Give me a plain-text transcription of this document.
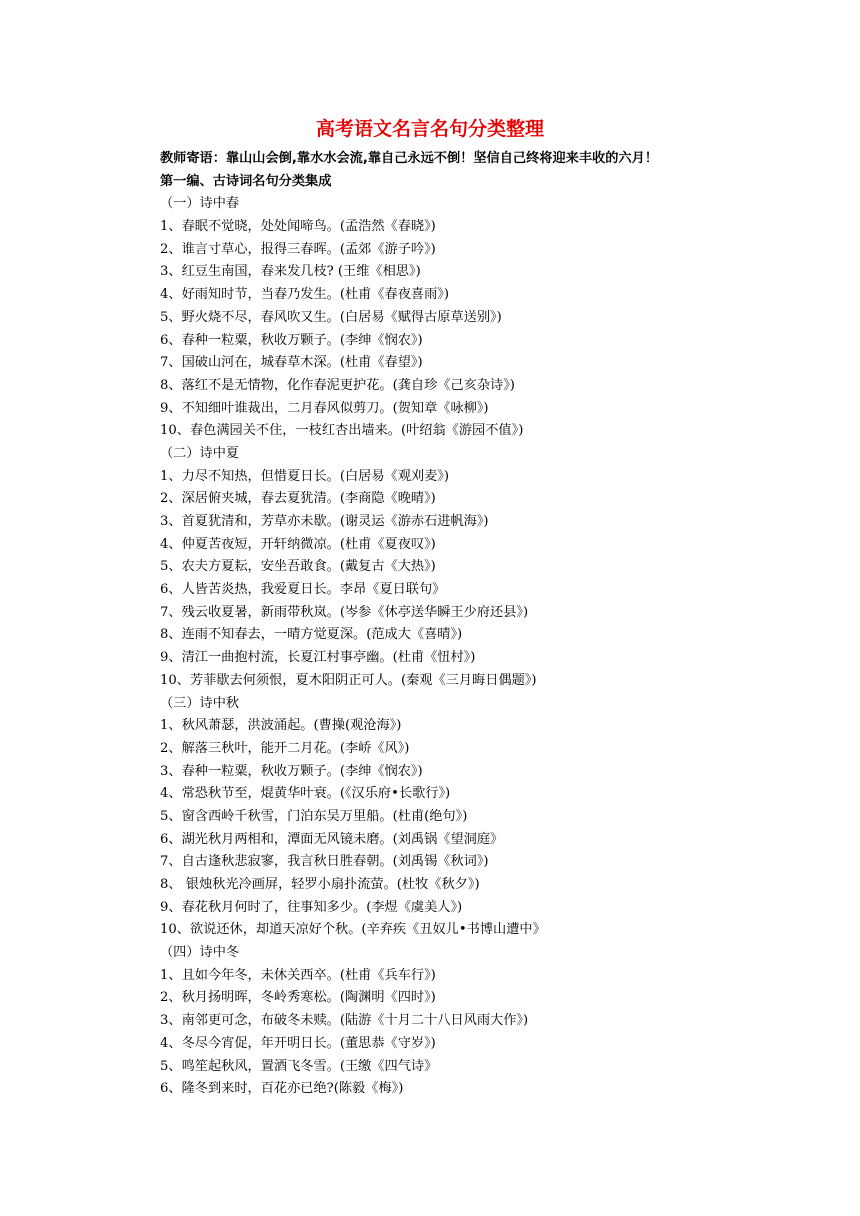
高考语文名言名句分类整理
教师寄语：靠山山会倒,靠水水会流,靠自己永远不倒！坚信自己终将迎来丰收的六月！
第一编、古诗词名句分类集成
（一）诗中春
1、春眠不觉晓，处处闻啼鸟。(孟浩然《春晓》)
2、谁言寸草心，报得三春晖。(孟郊《游子吟》)
3、红豆生南国，春来发几枝? (王维《相思》)
4、好雨知时节，当春乃发生。(杜甫《春夜喜雨》)
5、野火烧不尽，春风吹又生。(白居易《赋得古原草送别》)
6、春种一粒粟，秋收万颗子。(李绅《悯农》)
7、国破山河在，城春草木深。(杜甫《春望》)
8、落红不是无情物，化作春泥更护花。(龚自珍《己亥杂诗》)
9、不知细叶谁裁出，二月春风似剪刀。(贺知章《咏柳》)
10、春色满园关不住，一枝红杏出墙来。(叶绍翁《游园不值》)
（二）诗中夏
1、力尽不知热，但惜夏日长。(白居易《观刈麦》)
2、深居俯夹城，春去夏犹清。(李商隐《晚晴》)
3、首夏犹清和，芳草亦未歇。(谢灵运《游赤石进帆海》)
4、仲夏苦夜短，开轩纳微凉。(杜甫《夏夜叹》)
5、农夫方夏耘，安坐吾敢食。(戴复古《大热》)
6、人皆苦炎热，我爱夏日长。李昂《夏日联句》
7、残云收夏暑，新雨带秋岚。(岑参《休亭送华瞬王少府还县》)
8、连雨不知春去，一晴方觉夏深。(范成大《喜晴》)
9、清江一曲抱村流，长夏江村事亭幽。(杜甫《忸村》)
10、芳菲歇去何须恨，夏木阳阴正可人。(秦观《三月晦日偶题》)
（三）诗中秋
1、秋风萧瑟，洪波涌起。(曹操(观沧海》)
2、解落三秋叶，能开二月花。(李峤《风》)
3、春种一粒粟，秋收万颗子。(李绅《悯农》)
4、常恐秋节至，焜黄华叶衰。(《汉乐府•长歌行》)
5、窗含西岭千秋雪，门泊东吴万里船。(杜甫(绝句》)
6、湖光秋月两相和，潭面无风镜未磨。(刘禹锅《望洞庭》
7、自古逢秋悲寂寥，我言秋日胜春朝。(刘禹锡《秋词》)
8、 银烛秋光冷画屏，轻罗小扇扑流萤。(杜牧《秋夕》)
9、春花秋月何时了，往事知多少。(李煜《虞美人》)
10、欲说还休，却道天凉好个秋。(辛弃疾《丑奴儿•书博山遭中》
（四）诗中冬
1、且如今年冬，未休关西卒。(杜甫《兵车行》)
2、秋月扬明晖，冬岭秀寒松。(陶渊明《四时》)
3、南邻更可念，布破冬未赎。(陆游《十月二十八日风雨大作》)
4、冬尽今宵促，年开明日长。(董思恭《守岁》)
5、鸣笙起秋风，置酒飞冬雪。(王缴《四气诗》
6、隆冬到来时，百花亦已绝?(陈毅《梅》)
